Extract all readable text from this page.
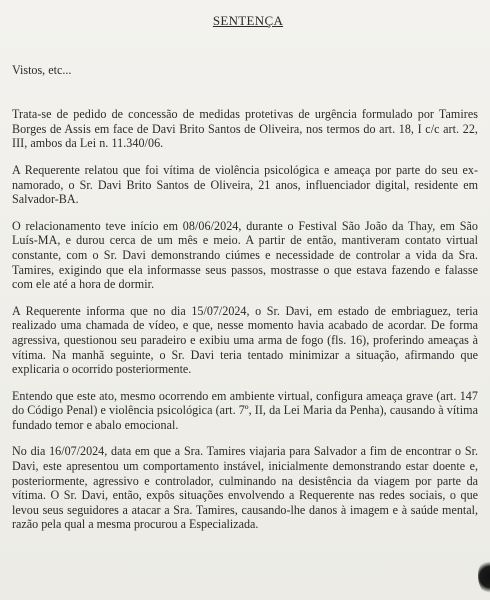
SENTENÇA
Vistos, etc...

Trata-se de pedido de concessão de medidas protetivas de urgência formulado por Tamires Borges de Assis em face de Davi Brito Santos de Oliveira, nos termos do art. 18, I c/c art. 22, III, ambos da Lei n. 11.340/06.

A Requerente relatou que foi vítima de violência psicológica e ameaça por parte do seu ex-namorado, o Sr. Davi Brito Santos de Oliveira, 21 anos, influenciador digital, residente em Salvador-BA.

O relacionamento teve início em 08/06/2024, durante o Festival São João da Thay, em São Luís-MA, e durou cerca de um mês e meio. A partir de então, mantiveram contato virtual constante, com o Sr. Davi demonstrando ciúmes e necessidade de controlar a vida da Sra. Tamires, exigindo que ela informasse seus passos, mostrasse o que estava fazendo e falasse com ele até a hora de dormir.

A Requerente informa que no dia 15/07/2024, o Sr. Davi, em estado de embriaguez, teria realizado uma chamada de vídeo, e que, nesse momento havia acabado de acordar. De forma agressiva, questionou seu paradeiro e exibiu uma arma de fogo (fls. 16), proferindo ameaças à vítima. Na manhã seguinte, o Sr. Davi teria tentado minimizar a situação, afirmando que explicaria o ocorrido posteriormente.

Entendo que este ato, mesmo ocorrendo em ambiente virtual, configura ameaça grave (art. 147 do Código Penal) e violência psicológica (art. 7º, II, da Lei Maria da Penha), causando à vítima fundado temor e abalo emocional.

No dia 16/07/2024, data em que a Sra. Tamires viajaria para Salvador a fim de encontrar o Sr. Davi, este apresentou um comportamento instável, inicialmente demonstrando estar doente e, posteriormente, agressivo e controlador, culminando na desistência da viagem por parte da vítima. O Sr. Davi, então, expôs situações envolvendo a Requerente nas redes sociais, o que levou seus seguidores a atacar a Sra. Tamires, causando-lhe danos à imagem e à saúde mental, razão pela qual a mesma procurou a Especializada.
